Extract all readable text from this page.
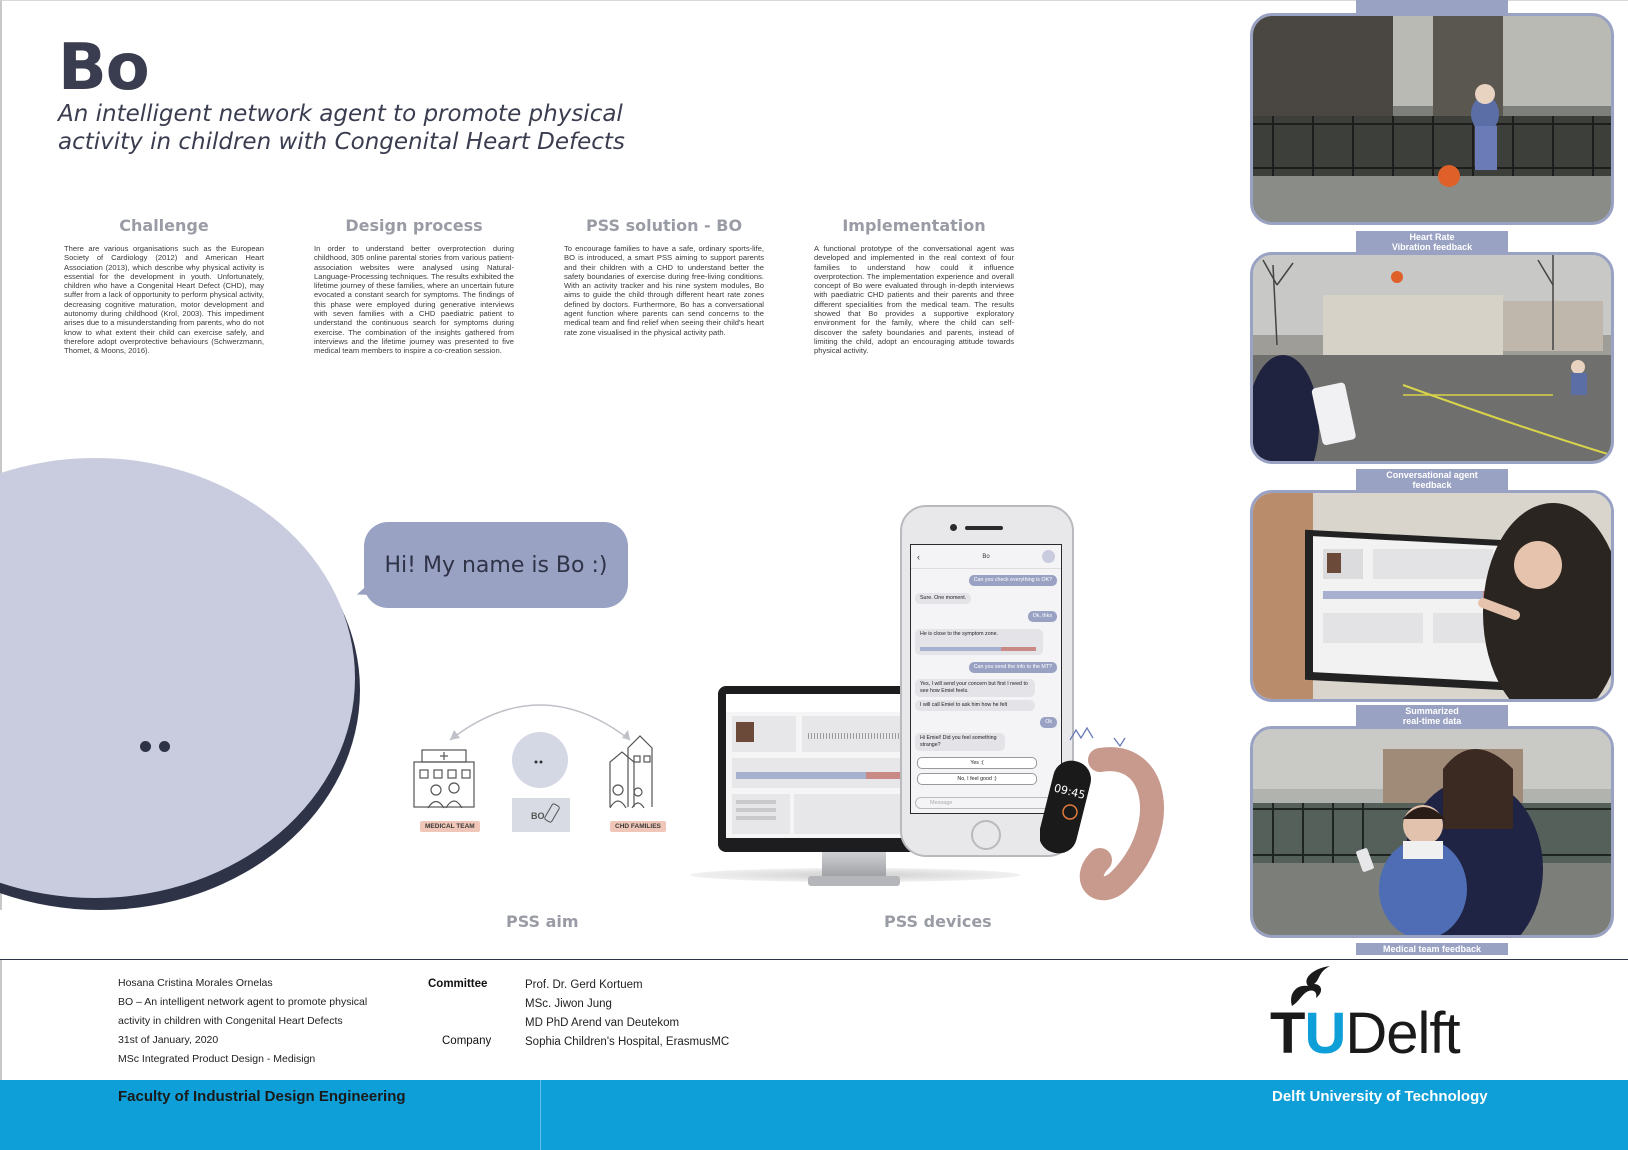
Bo
An intelligent network agent to promote physical
activity in children with Congenital Heart Defects
Challenge

There are various organisations such as the European Society of Cardiology (2012) and American Heart Association (2013), which describe why physical activity is essential for the development in youth. Unfortunately, children who have a Congenital Heart Defect (CHD), may suffer from a lack of opportunity to perform physical activity, decreasing cognitive maturation, motor development and autonomy during childhood (Krol, 2003). This impediment arises due to a misunderstanding from parents, who do not know to what extent their child can exercise safely, and therefore adopt overprotective behaviours (Schwerzmann, Thomet, & Moons, 2016).

Design process

In order to understand better overprotection during childhood, 305 online parental stories from various patient-association websites were analysed using Natural-Language-Processing techniques. The results exhibited the lifetime journey of these families, where an uncertain future evocated a constant search for symptoms. The findings of this phase were employed during generative interviews with seven families with a CHD paediatric patient to understand the continuous search for symptoms during exercise. The combination of the insights gathered from interviews and the lifetime journey was presented to five medical team members to inspire a co-creation session.

PSS solution - BO

To encourage families to have a safe, ordinary sports-life, BO is introduced, a smart PSS aiming to support parents and their children with a CHD to understand better the safety boundaries of exercise during free-living conditions. With an activity tracker and his nine system modules, Bo aims to guide the child through different heart rate zones defined by doctors. Furthermore, Bo has a conversational agent function where parents can send concerns to the medical team and find relief when seeing their child's heart rate zone visualised in the physical activity path.

Implementation

A functional prototype of the conversational agent was developed and implemented in the real context of four families to understand how could it influence overprotection. The implementation experience and overall concept of Bo were evaluated through in-depth interviews with paediatric CHD patients and their parents and three different specialities from the medical team. The results showed that Bo provides a supportive exploratory environment for the family, where the child can self-discover the safety boundaries and parents, instead of limiting the child, adopt an encouraging attitude towards physical activity.

Hi! My name is Bo :)
MEDICAL TEAM
BO
CHD FAMILIES
PSS aim	PSS devices
‹	Bo
Can you check everything is OK?
Sure. One moment.
Ok, thks
He is close to the symptom zone.
Can you send the info to the MT?
Yes, I will send your concern but first I need to see how Emiel feels.
I will call Emiel to ask him how he felt
Ok
Hi Emiel! Did you feel something strange?
Yes :(
No, I feel good :)
Message
09:45
Heart Rate
Vibration feedback
Conversational agent
feedback
Summarized
real-time data
Medical team feedback
Hosana Cristina Morales Ornelas
BO – An intelligent network agent to promote physical
activity in children with Congenital Heart Defects
31st of January, 2020
MSc Integrated Product Design - Medisign
Committee	Prof. Dr. Gerd Kortuem
MSc. Jiwon Jung
MD PhD Arend van Deutekom
Company	Sophia Children's Hospital, ErasmusMC	TUDelft
Faculty of Industrial Design Engineering	Delft University of Technology
